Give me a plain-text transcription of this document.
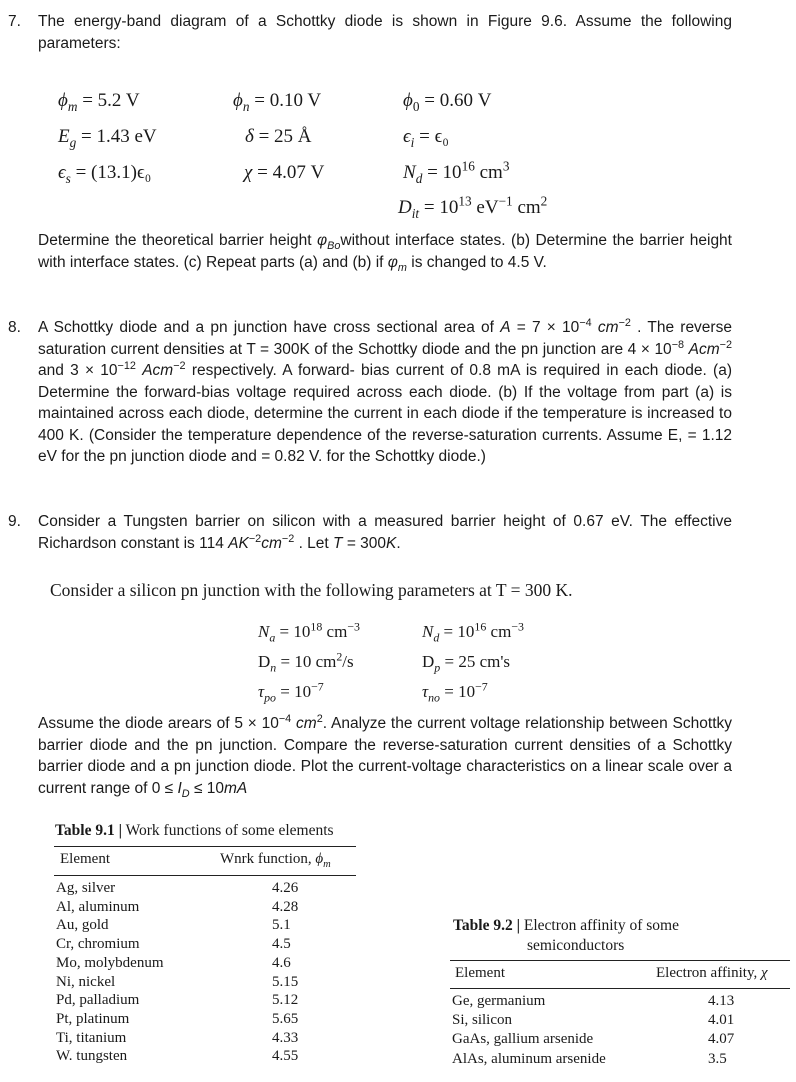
7. The energy-band diagram of a Schottky diode is shown in Figure 9.6. Assume the following parameters:
$\phi_m = 5.2$ V	$\phi_n = 0.10$ V	$\phi_0 = 0.60$ V
$E_g = 1.43$ eV	δ = 25 Å	$\epsilon_i = \epsilon_0$
$\epsilon_s = (13.1)\epsilon_0$	χ = 4.07 V	$N_d = 10^{16}$ $cm^3$
$D_{it} = 10^{13}$ $eV^{-1}$ $cm^2$
Determine the theoretical barrier height $\varphi_{Bo}without$ interface states. (b) Determine the barrier height with interface states. (c) Repeat parts (a) and (b) if $\varphi_m$ is changed to 4.5 V.
8. A Schottky diode and a pn junction have cross sectional area of $A = 7 \times 10^{-4}$ $cm^{-2}$ . The reverse saturation current densities at T = 300K of the Schottky diode and the pn junction are $4 \times 10^{-8}$ Acm$^{-2}$ and $3 \times 10^{-12}$ Acm$^{-2}$ respectively. A forward- bias current of 0.8 mA is required in each diode. (a) Determine the forward-bias voltage required across each diode. (b) If the voltage from part (a) is maintained across each diode, determine the current in each diode if the temperature is increased to 400 K. (Consider the temperature dependence of the reverse-saturation currents. Assume E, = 1.12 eV for the pn junction diode and = 0.82 V. for the Schottky diode.)
9. Consider a Tungsten barrier on silicon with a measured barrier height of 0.67 eV. The effective Richardson constant is 114 $AK^{-2}cm^{-2}$ . Let T = 300K.
Consider a silicon pn junction with the following parameters at T = 300 K.
$N_a = 10^{18}$ $cm^{-3}$	$N_d = 10^{16}$ $cm^{-3}$
$D_n = 10$ $cm^2/s$	$D_p = 25$ cm's
$\tau_{po} = 10^{-7}$	$\tau_{no} = 10^{-7}$
Assume the diode arears of $5 \times 10^{-4}$ $cm^2$. Analyze the current voltage relationship between Schottky barrier diode and the pn junction. Compare the reverse-saturation current densities of a Schottky barrier diode and a pn junction diode. Plot the current-voltage characteristics on a linear scale over a current range of $0 \le I_D \le 10mA$
Table 9.1 | Work functions of some elements
Element	Wnrk function, $\phi_m$
Ag, silver	4.26
Al, aluminum	4.28
Au, gold	5.1
Cr, chromium	4.5
Mo, molybdenum	4.6
Ni, nickel	5.15
Pd, palladium	5.12
Pt, platinum	5.65
Ti, titanium	4.33
W. tungsten	4.55
Table 9.2 | Electron affinity of some
semiconductors
Element	Electron affinity, χ
Ge, germanium	4.13
Si, silicon	4.01
GaAs, gallium arsenide	4.07
AlAs, aluminum arsenide	3.5
